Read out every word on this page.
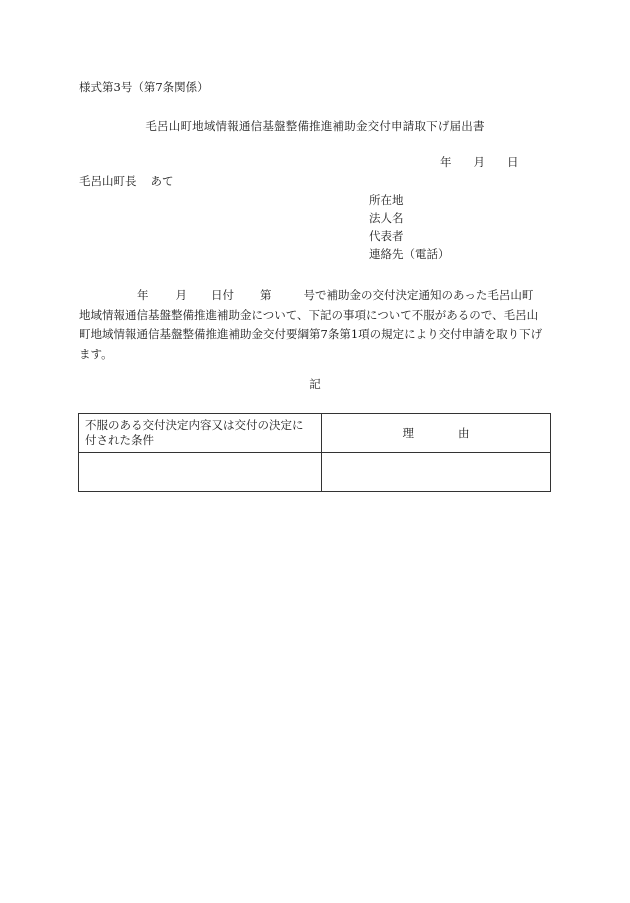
様式第3号（第7条関係）
毛呂山町地域情報通信基盤整備推進補助金交付申請取下げ届出書
年 月 日
毛呂山町長 あて
所在地
法人名
代表者
連絡先（電話）
年 月 日付 第	号で補助金の交付決定通知のあった毛呂山町
地域情報通信基盤整備推進補助金について、下記の事項について不服があるので、毛呂山
町地域情報通信基盤整備推進補助金交付要綱第7条第1項の規定により交付申請を取り下げ
ます。
記
不服のある交付決定内容又は交付の決定に
付された条件	理 由
